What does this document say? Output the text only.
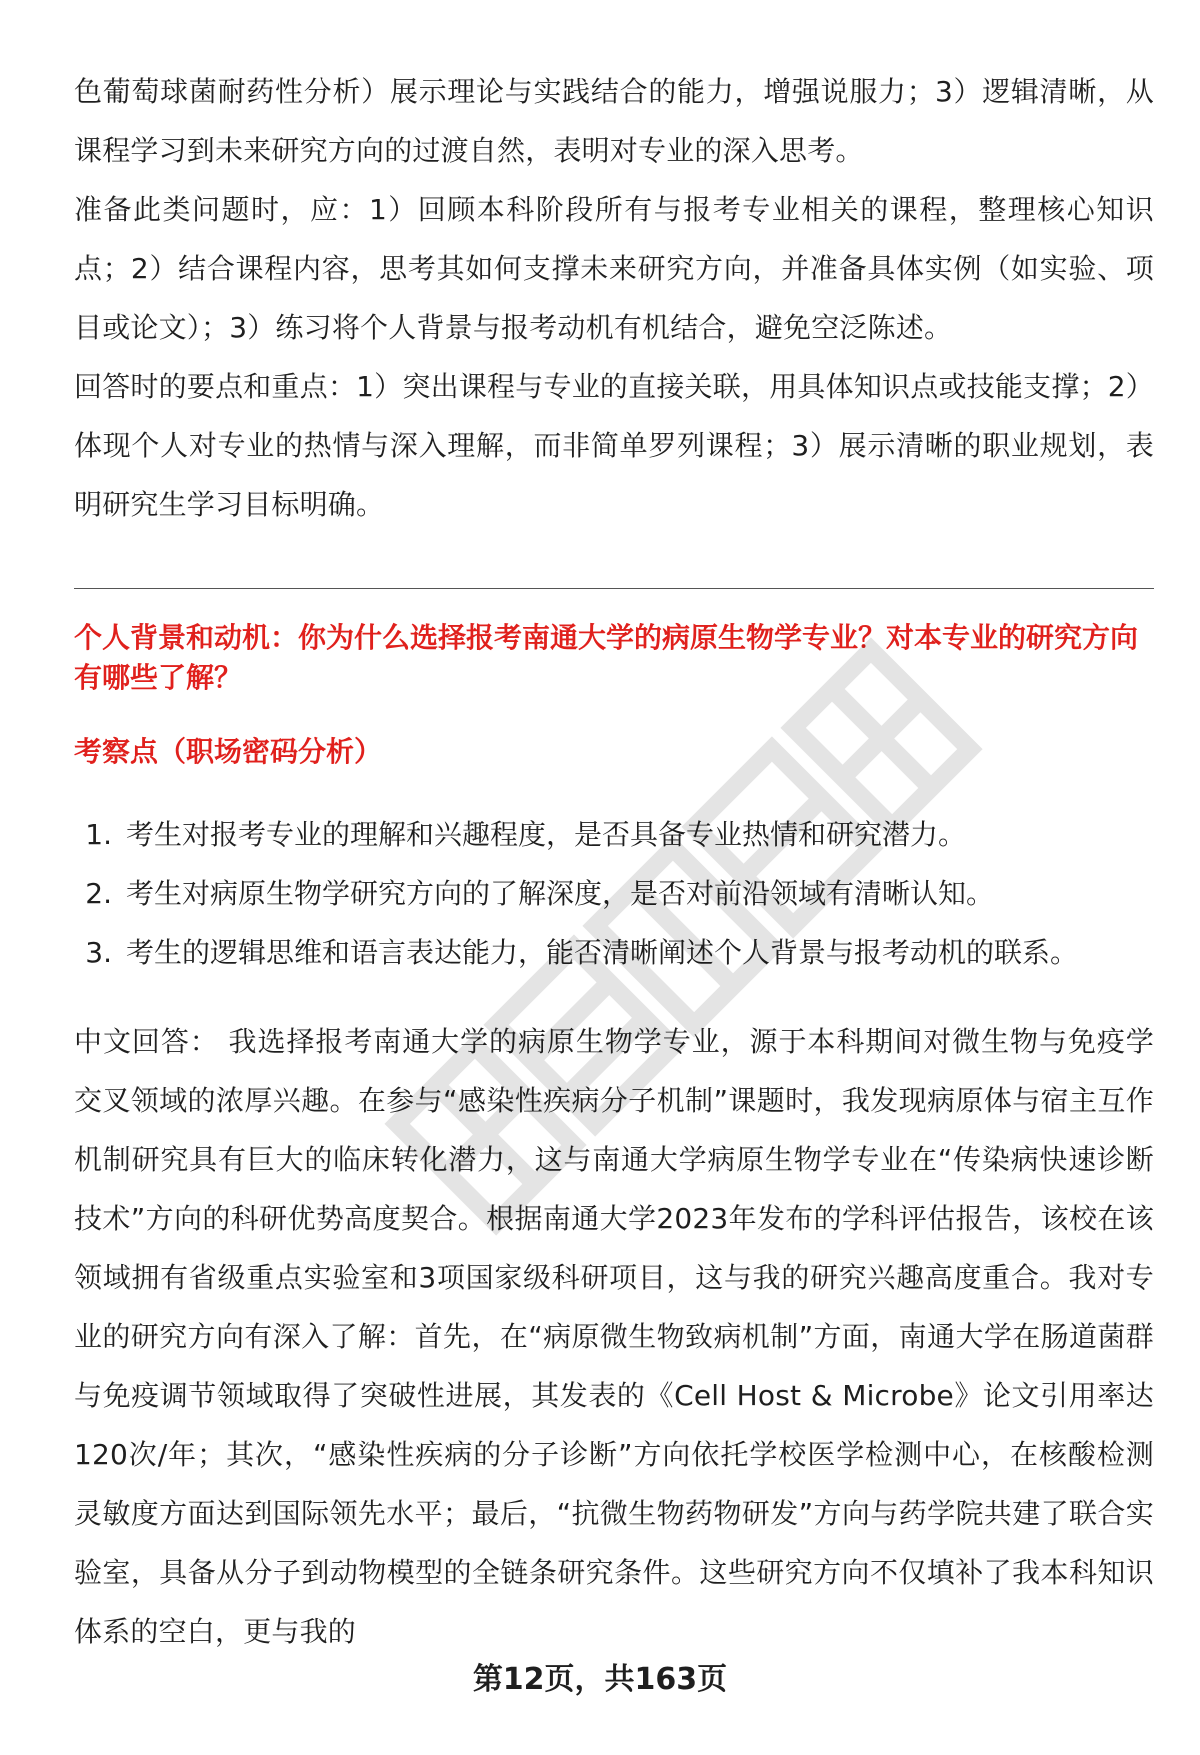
色葡萄球菌耐药性分析）展示理论与实践结合的能力，增强说服力；3）逻辑清晰，从课程学习到未来研究方向的过渡自然，表明对专业的深入思考。

准备此类问题时，应：1）回顾本科阶段所有与报考专业相关的课程，整理核心知识点；2）结合课程内容，思考其如何支撑未来研究方向，并准备具体实例（如实验、项目或论文）；3）练习将个人背景与报考动机有机结合，避免空泛陈述。

回答时的要点和重点：1）突出课程与专业的直接关联，用具体知识点或技能支撑；2）体现个人对专业的热情与深入理解，而非简单罗列课程；3）展示清晰的职业规划，表明研究生学习目标明确。

个人背景和动机：你为什么选择报考南通大学的病原生物学专业？对本专业的研究方向有哪些了解？

考察点（职场密码分析）

1. 考生对报考专业的理解和兴趣程度，是否具备专业热情和研究潜力。
2. 考生对病原生物学研究方向的了解深度，是否对前沿领域有清晰认知。
3. 考生的逻辑思维和语言表达能力，能否清晰阐述个人背景与报考动机的联系。

中文回答： 我选择报考南通大学的病原生物学专业，源于本科期间对微生物与免疫学交叉领域的浓厚兴趣。在参与“感染性疾病分子机制”课题时，我发现病原体与宿主互作机制研究具有巨大的临床转化潜力，这与南通大学病原生物学专业在“传染病快速诊断技术”方向的科研优势高度契合。根据南通大学2023年发布的学科评估报告，该校在该领域拥有省级重点实验室和3项国家级科研项目，这与我的研究兴趣高度重合。我对专业的研究方向有深入了解：首先，在“病原微生物致病机制”方面，南通大学在肠道菌群与免疫调节领域取得了突破性进展，其发表的《Cell Host & Microbe》论文引用率达120次/年；其次，“感染性疾病的分子诊断”方向依托学校医学检测中心，在核酸检测灵敏度方面达到国际领先水平；最后，“抗微生物药物研发”方向与药学院共建了联合实验室，具备从分子到动物模型的全链条研究条件。这些研究方向不仅填补了我本科知识体系的空白，更与我的

第12页，共163页
